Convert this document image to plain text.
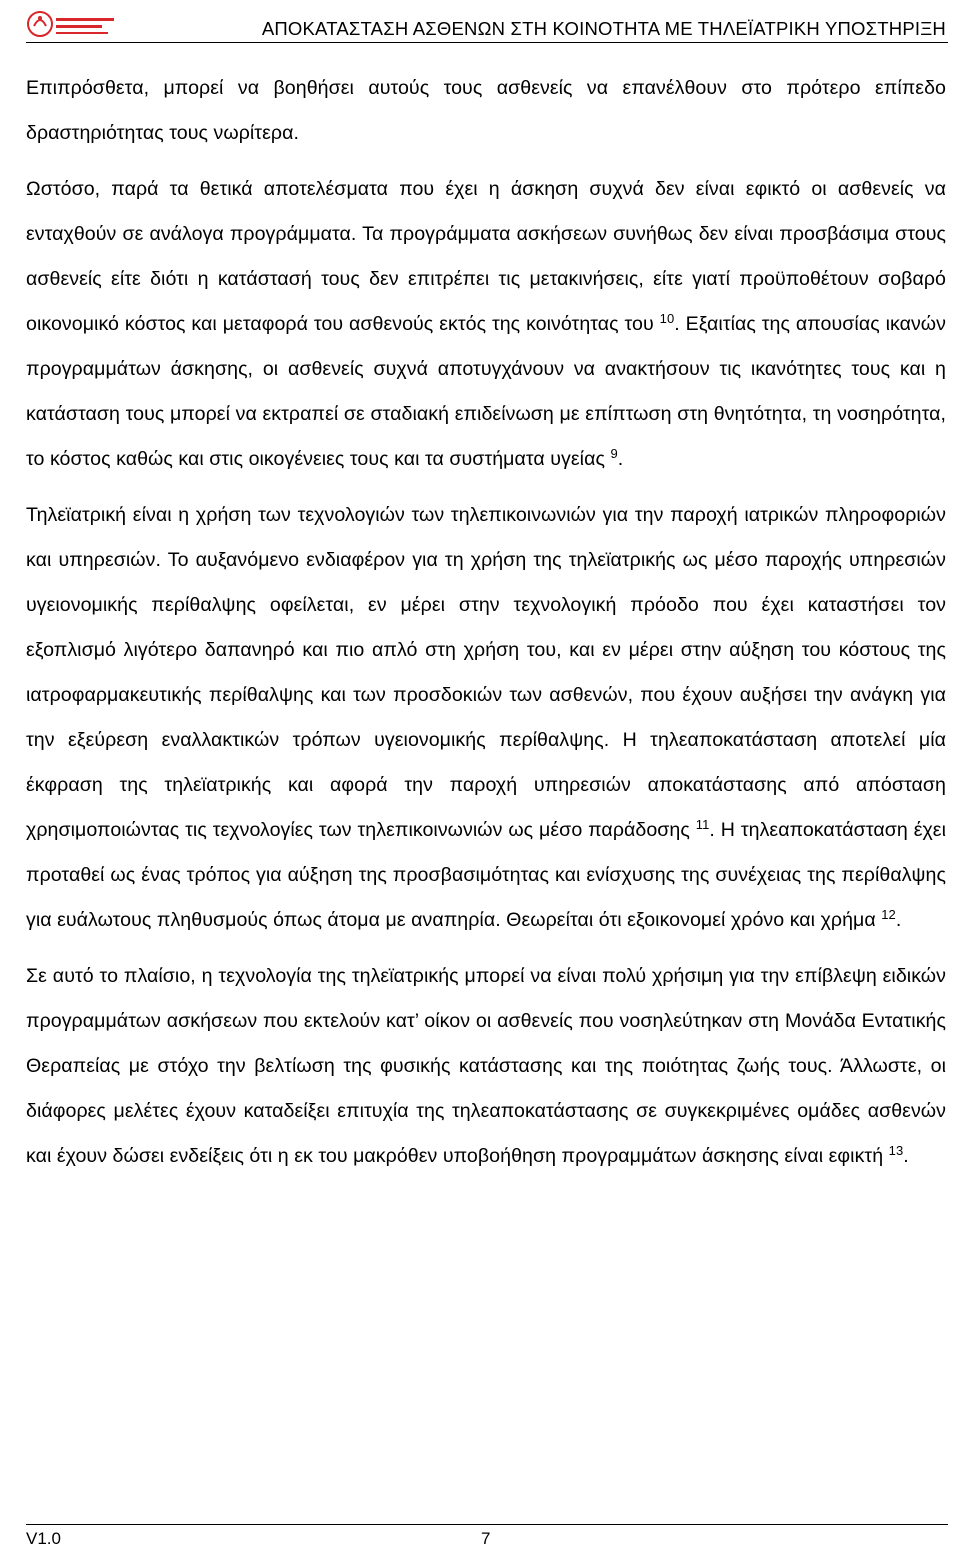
ΑΠΟΚΑΤΑΣΤΑΣΗ ΑΣΘΕΝΩΝ ΣΤΗ ΚΟΙΝΟΤΗΤΑ ΜΕ ΤΗΛΕΪΑΤΡΙΚΗ ΥΠΟΣΤΗΡΙΞΗ

Επιπρόσθετα, μπορεί να βοηθήσει αυτούς τους ασθενείς να επανέλθουν στο πρότερο επίπεδο δραστηριότητας τους νωρίτερα.

Ωστόσο, παρά τα θετικά αποτελέσματα που έχει η άσκηση συχνά δεν είναι εφικτό οι ασθενείς να ενταχθούν σε ανάλογα προγράμματα. Τα προγράμματα ασκήσεων συνήθως δεν είναι προσβάσιμα στους ασθενείς είτε διότι η κατάστασή τους δεν επιτρέπει τις μετακινήσεις, είτε γιατί προϋποθέτουν σοβαρό οικονομικό κόστος και μεταφορά του ασθενούς εκτός της κοινότητας του $^{10}$. Εξαιτίας της απουσίας ικανών προγραμμάτων άσκησης, οι ασθενείς συχνά αποτυγχάνουν να ανακτήσουν τις ικανότητες τους και η κατάσταση τους μπορεί να εκτραπεί σε σταδιακή επιδείνωση με επίπτωση στη θνητότητα, τη νοσηρότητα, το κόστος καθώς και στις οικογένειες τους και τα συστήματα υγείας $^9$.

Τηλεϊατρική είναι η χρήση των τεχνολογιών των τηλεπικοινωνιών για την παροχή ιατρικών πληροφοριών και υπηρεσιών. Το αυξανόμενο ενδιαφέρον για τη χρήση της τηλεϊατρικής ως μέσο παροχής υπηρεσιών υγειονομικής περίθαλψης οφείλεται, εν μέρει στην τεχνολογική πρόοδο που έχει καταστήσει τον εξοπλισμό λιγότερο δαπανηρό και πιο απλό στη χρήση του, και εν μέρει στην αύξηση του κόστους της ιατροφαρμακευτικής περίθαλψης και των προσδοκιών των ασθενών, που έχουν αυξήσει την ανάγκη για την εξεύρεση εναλλακτικών τρόπων υγειονομικής περίθαλψης. Η τηλεαποκατάσταση αποτελεί μία έκφραση της τηλεϊατρικής και αφορά την παροχή υπηρεσιών αποκατάστασης από απόσταση χρησιμοποιώντας τις τεχνολογίες των τηλεπικοινωνιών ως μέσο παράδοσης $^{11}$. Η τηλεαποκατάσταση έχει προταθεί ως ένας τρόπος για αύξηση της προσβασιμότητας και ενίσχυσης της συνέχειας της περίθαλψης για ευάλωτους πληθυσμούς όπως άτομα με αναπηρία. Θεωρείται ότι εξοικονομεί χρόνο και χρήμα $^{12}$.

Σε αυτό το πλαίσιο, η τεχνολογία της τηλεϊατρικής μπορεί να είναι πολύ χρήσιμη για την επίβλεψη ειδικών προγραμμάτων ασκήσεων που εκτελούν κατ’ οίκον οι ασθενείς που νοσηλεύτηκαν στη Μονάδα Εντατικής Θεραπείας με στόχο την βελτίωση της φυσικής κατάστασης και της ποιότητας ζωής τους. Άλλωστε, οι διάφορες μελέτες έχουν καταδείξει επιτυχία της τηλεαποκατάστασης σε συγκεκριμένες ομάδες ασθενών και έχουν δώσει ενδείξεις ότι η εκ του μακρόθεν υποβοήθηση προγραμμάτων άσκησης είναι εφικτή $^{13}$.

V1.0	7
